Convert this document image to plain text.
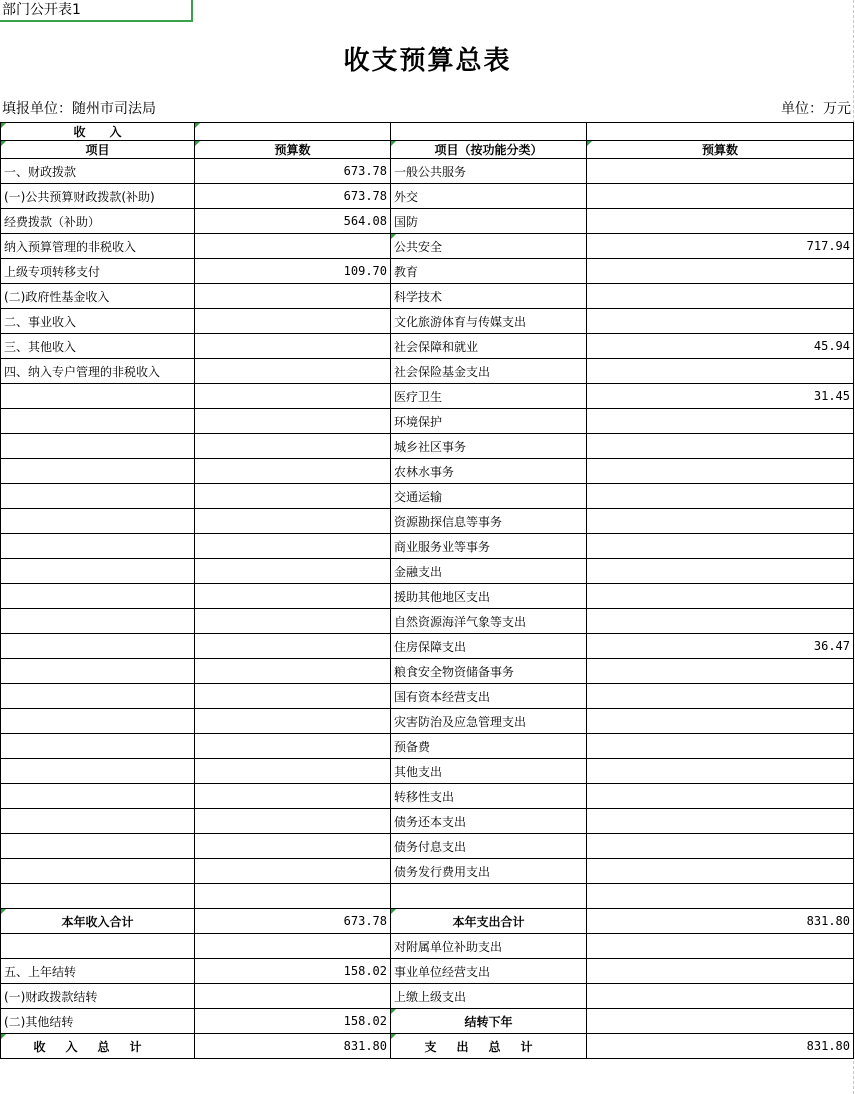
部门公开表1
收支预算总表
填报单位：随州市司法局	单位：万元
收　　入			
项目	预算数	项目（按功能分类）	预算数
一、财政拨款	673.78	一般公共服务	
(一)公共预算财政拨款(补助)	673.78	外交	
经费拨款（补助）	564.08	国防	
纳入预算管理的非税收入		公共安全	717.94
上级专项转移支付	109.70	教育	
(二)政府性基金收入		科学技术	
二、事业收入		文化旅游体育与传媒支出	
三、其他收入		社会保障和就业	45.94
四、纳入专户管理的非税收入		社会保险基金支出	
		医疗卫生	31.45
		环境保护	
		城乡社区事务	
		农林水事务	
		交通运输	
		资源勘探信息等事务	
		商业服务业等事务	
		金融支出	
		援助其他地区支出	
		自然资源海洋气象等支出	
		住房保障支出	36.47
		粮食安全物资储备事务	
		国有资本经营支出	
		灾害防治及应急管理支出	
		预备费	
		其他支出	
		转移性支出	
		债务还本支出	
		债务付息支出	
		债务发行费用支出	

本年收入合计	673.78	本年支出合计	831.80
		对附属单位补助支出	
五、上年结转	158.02	事业单位经营支出	
(一)财政拨款结转		上缴上级支出	
(二)其他结转	158.02	结转下年	
收入总计	831.80	支出总计	831.80
